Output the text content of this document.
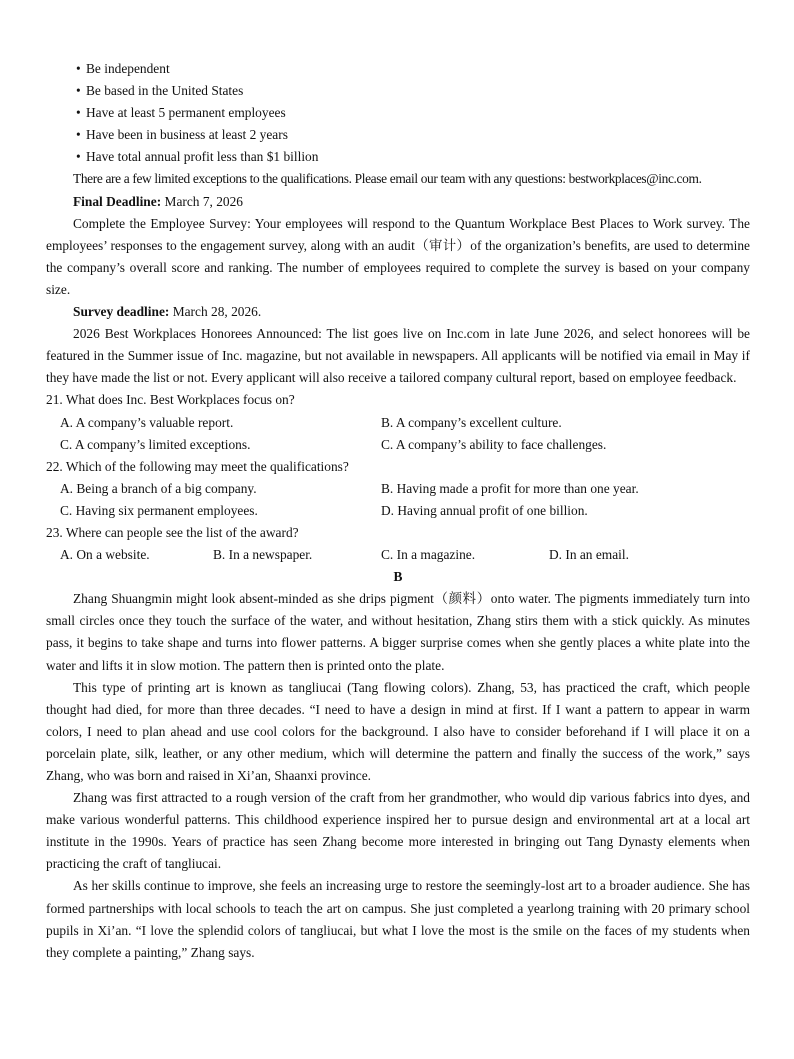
• Be independent
• Be based in the United States
• Have at least 5 permanent employees
• Have been in business at least 2 years
• Have total annual profit less than $1 billion

There are a few limited exceptions to the qualifications. Please email our team with any questions: bestworkplaces@inc.com.

Final Deadline: March 7, 2026

Complete the Employee Survey: Your employees will respond to the Quantum Workplace Best Places to Work survey. The employees’ responses to the engagement survey, along with an audit（审计）of the organization’s benefits, are used to determine the company’s overall score and ranking. The number of employees required to complete the survey is based on your company size.

Survey deadline: March 28, 2026.

2026 Best Workplaces Honorees Announced: The list goes live on Inc.com in late June 2026, and select honorees will be featured in the Summer issue of Inc. magazine, but not available in newspapers. All applicants will be notified via email in May if they have made the list or not. Every applicant will also receive a tailored company cultural report, based on employee feedback.

21. What does Inc. Best Workplaces focus on?
A. A company’s valuable report.	B. A company’s excellent culture.
C. A company’s limited exceptions.	C. A company’s ability to face challenges.
22. Which of the following may meet the qualifications?
A. Being a branch of a big company.	B. Having made a profit for more than one year.
C. Having six permanent employees.	D. Having annual profit of one billion.
23. Where can people see the list of the award?
A. On a website.	B. In a newspaper.	C. In a magazine.	D. In an email.
B

Zhang Shuangmin might look absent-minded as she drips pigment（颜料）onto water. The pigments immediately turn into small circles once they touch the surface of the water, and without hesitation, Zhang stirs them with a stick quickly. As minutes pass, it begins to take shape and turns into flower patterns. A bigger surprise comes when she gently places a white plate into the water and lifts it in slow motion. The pattern then is printed onto the plate.

This type of printing art is known as tangliucai (Tang flowing colors). Zhang, 53, has practiced the craft, which people thought had died, for more than three decades. “I need to have a design in mind at first. If I want a pattern to appear in warm colors, I need to plan ahead and use cool colors for the background. I also have to consider beforehand if I will place it on a porcelain plate, silk, leather, or any other medium, which will determine the pattern and finally the success of the work,” says Zhang, who was born and raised in Xi’an, Shaanxi province.

Zhang was first attracted to a rough version of the craft from her grandmother, who would dip various fabrics into dyes, and make various wonderful patterns. This childhood experience inspired her to pursue design and environmental art at a local art institute in the 1990s. Years of practice has seen Zhang become more interested in bringing out Tang Dynasty elements when practicing the craft of tangliucai.

As her skills continue to improve, she feels an increasing urge to restore the seemingly-lost art to a broader audience. She has formed partnerships with local schools to teach the art on campus. She just completed a yearlong training with 20 primary school pupils in Xi’an. “I love the splendid colors of tangliucai, but what I love the most is the smile on the faces of my students when they complete a painting,” Zhang says.
